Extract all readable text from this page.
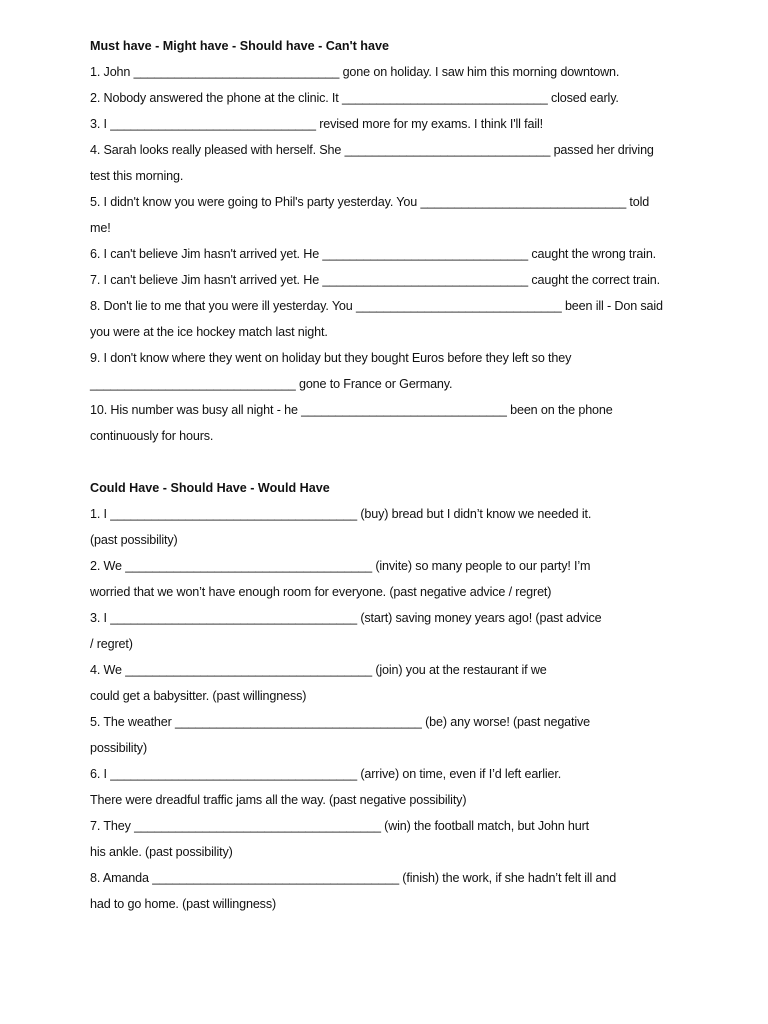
Must have - Might have - Should have - Can't have
1. John ______________________________ gone on holiday. I saw him this morning downtown.
2. Nobody answered the phone at the clinic. It ______________________________ closed early.
3. I ______________________________ revised more for my exams. I think I'll fail!
4. Sarah looks really pleased with herself. She ______________________________ passed her driving
test this morning.
5. I didn't know you were going to Phil's party yesterday. You ______________________________ told
me!
6. I can't believe Jim hasn't arrived yet. He ______________________________ caught the wrong train.
7. I can't believe Jim hasn't arrived yet. He ______________________________ caught the correct train.
8. Don't lie to me that you were ill yesterday. You ______________________________ been ill - Don said
you were at the ice hockey match last night.
9. I don't know where they went on holiday but they bought Euros before they left so they
______________________________ gone to France or Germany.
10. His number was busy all night - he ______________________________ been on the phone
continuously for hours.
Could Have - Should Have - Would Have
1. I ____________________________________ (buy) bread but I didn’t know we needed it.
(past possibility)
2. We ____________________________________ (invite) so many people to our party! I’m
worried that we won’t have enough room for everyone. (past negative advice / regret)
3. I ____________________________________ (start) saving money years ago! (past advice
/ regret)
4. We ____________________________________ (join) you at the restaurant if we
could get a babysitter. (past willingness)
5. The weather ____________________________________ (be) any worse! (past negative
possibility)
6. I ____________________________________ (arrive) on time, even if I’d left earlier.
There were dreadful traffic jams all the way. (past negative possibility)
7. They ____________________________________ (win) the football match, but John hurt
his ankle. (past possibility)
8. Amanda ____________________________________ (finish) the work, if she hadn’t felt ill and
had to go home. (past willingness)
